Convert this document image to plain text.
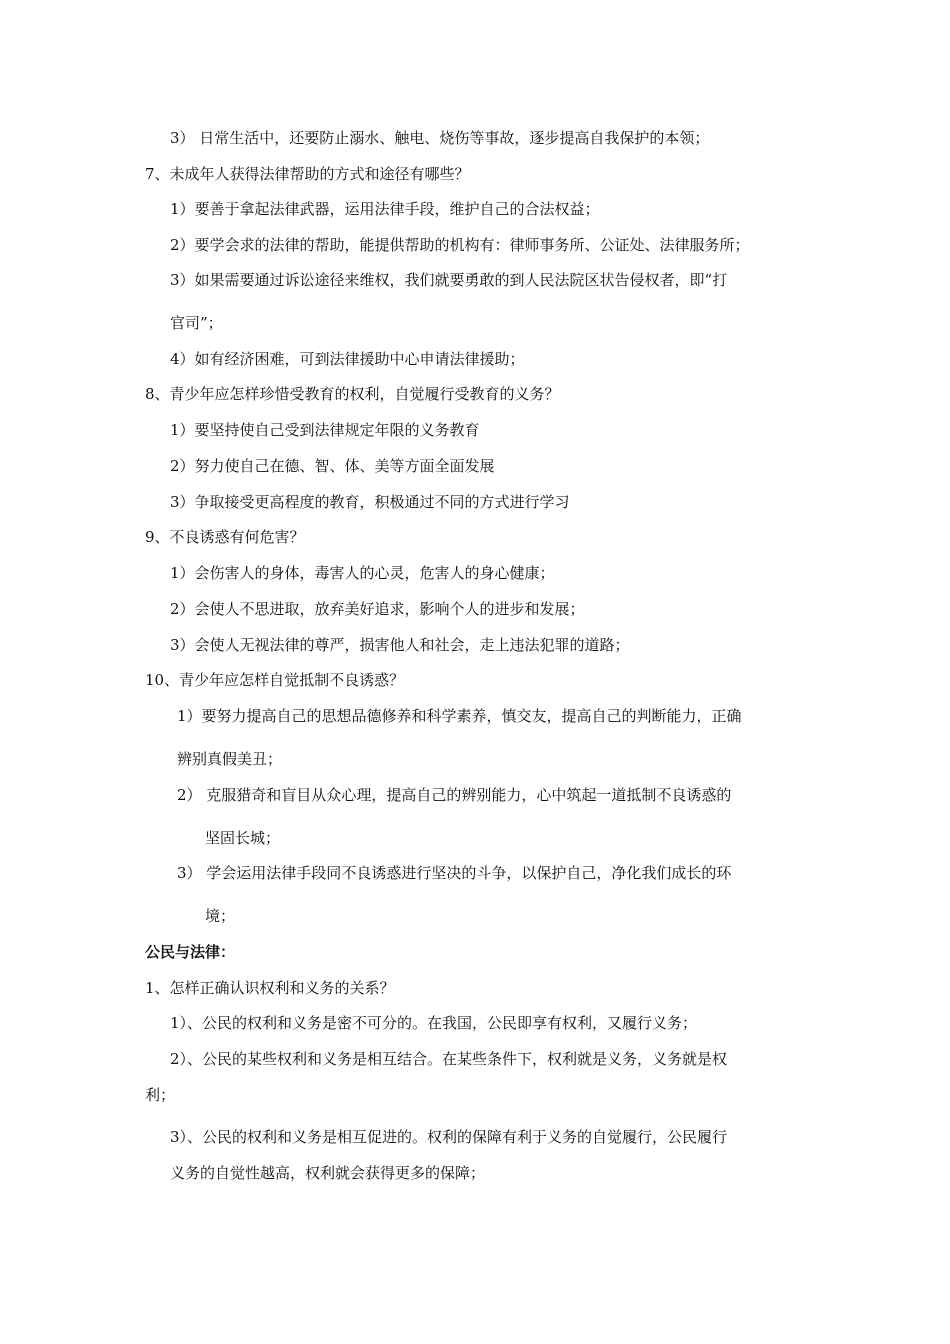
3） 日常生活中，还要防止溺水、触电、烧伤等事故，逐步提高自我保护的本领；
7、未成年人获得法律帮助的方式和途径有哪些？
1）要善于拿起法律武器，运用法律手段，维护自己的合法权益；
2）要学会求的法律的帮助，能提供帮助的机构有：律师事务所、公证处、法律服务所；
3）如果需要通过诉讼途径来维权，我们就要勇敢的到人民法院区状告侵权者，即“打
官司”；
4）如有经济困难，可到法律援助中心申请法律援助；
8、青少年应怎样珍惜受教育的权利，自觉履行受教育的义务？
1）要坚持使自己受到法律规定年限的义务教育
2）努力使自己在德、智、体、美等方面全面发展
3）争取接受更高程度的教育，积极通过不同的方式进行学习
9、不良诱惑有何危害？
1）会伤害人的身体，毒害人的心灵，危害人的身心健康；
2）会使人不思进取，放弃美好追求，影响个人的进步和发展；
3）会使人无视法律的尊严，损害他人和社会，走上违法犯罪的道路；
10、青少年应怎样自觉抵制不良诱惑？
1）要努力提高自己的思想品德修养和科学素养，慎交友，提高自己的判断能力，正确
辨别真假美丑；
2） 克服猎奇和盲目从众心理，提高自己的辨别能力，心中筑起一道抵制不良诱惑的
坚固长城；
3） 学会运用法律手段同不良诱惑进行坚决的斗争，以保护自己，净化我们成长的环
境；
公民与法律：
1、怎样正确认识权利和义务的关系？
1）、公民的权利和义务是密不可分的。在我国，公民即享有权利，又履行义务；
2）、公民的某些权利和义务是相互结合。在某些条件下，权利就是义务，义务就是权
利；
3）、公民的权利和义务是相互促进的。权利的保障有利于义务的自觉履行，公民履行
义务的自觉性越高，权利就会获得更多的保障；
